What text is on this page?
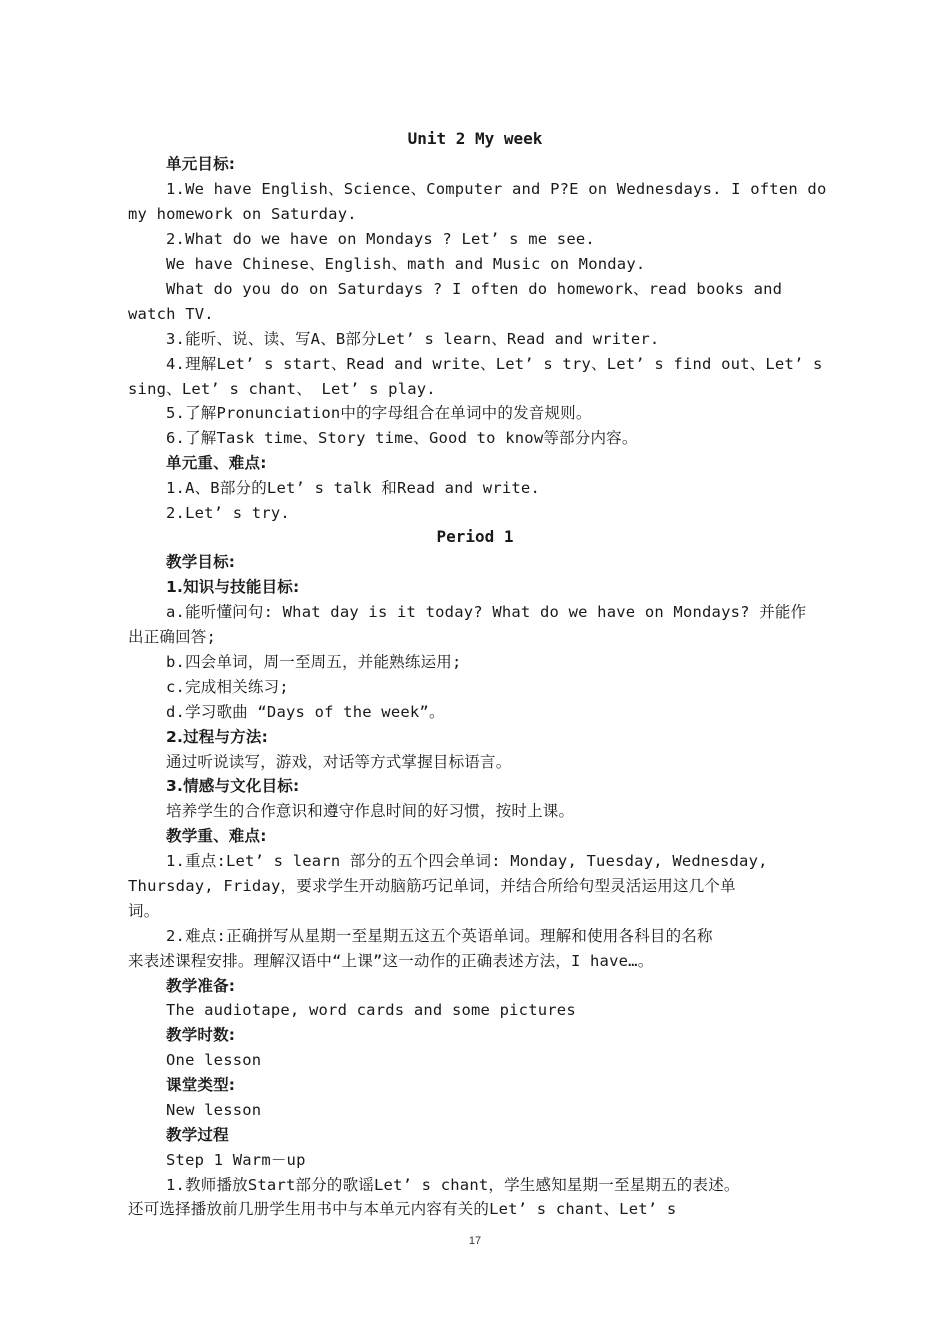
Unit 2 My week
单元目标:
1.We have English、Science、Computer and P?E on Wednesdays. I often do
my homework on Saturday.
2.What do we have on Mondays ? Let’ s me see.
We have Chinese、English、math and Music on Monday.
What do you do on Saturdays ? I often do homework、read books and
watch TV.
3.能听、说、读、写A、B部分Let’ s learn、Read and writer.
4.理解Let’ s start、Read and write、Let’ s try、Let’ s find out、Let’ s
sing、Let’ s chant、 Let’ s play.
5.了解Pronunciation中的字母组合在单词中的发音规则。
6.了解Task time、Story time、Good to know等部分内容。
单元重、难点:
1.A、B部分的Let’ s talk 和Read and write.
2.Let’ s try.
Period 1
教学目标:
1.知识与技能目标:
a.能听懂问句: What day is it today? What do we have on Mondays? 并能作
出正确回答;
b.四会单词，周一至周五，并能熟练运用;
c.完成相关练习;
d.学习歌曲 “Days of the week”。
2.过程与方法:
通过听说读写，游戏，对话等方式掌握目标语言。
3.情感与文化目标:
培养学生的合作意识和遵守作息时间的好习惯，按时上课。
教学重、难点:
1.重点:Let’ s learn 部分的五个四会单词: Monday, Tuesday, Wednesday,
Thursday, Friday，要求学生开动脑筋巧记单词，并结合所给句型灵活运用这几个单
词。
2.难点:正确拼写从星期一至星期五这五个英语单词。理解和使用各科目的名称
来表述课程安排。理解汉语中“上课”这一动作的正确表述方法，I have…。
教学准备:
The audiotape, word cards and some pictures
教学时数:
One lesson
课堂类型:
New lesson
教学过程
Step 1 Warm－up
1.教师播放Start部分的歌谣Let’ s chant，学生感知星期一至星期五的表述。
还可选择播放前几册学生用书中与本单元内容有关的Let’ s chant、Let’ s
17
